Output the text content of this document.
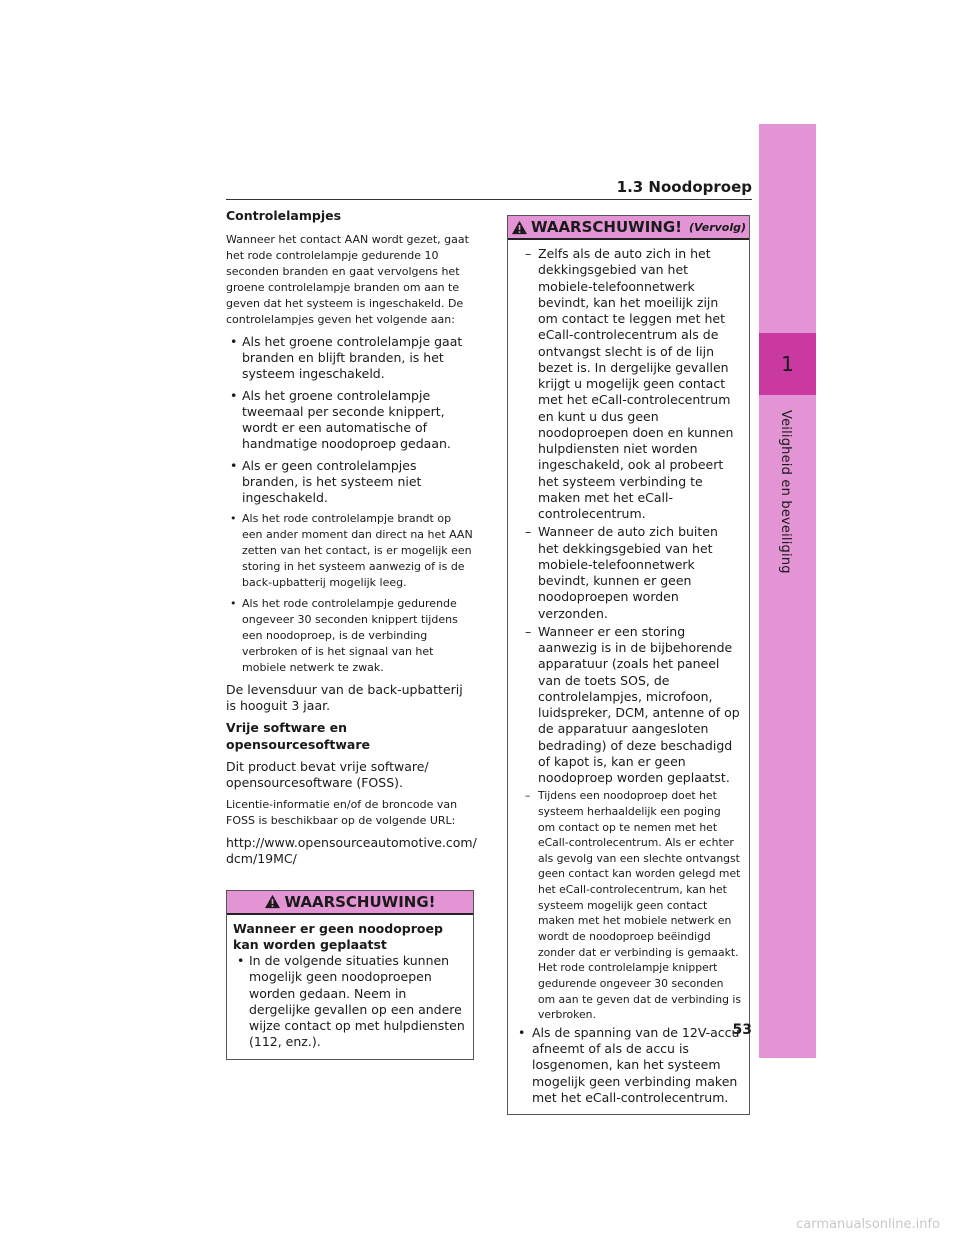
1
Veiligheid en beveiliging
1.3 Noodoproep
Controlelampjes

Wanneer het contact AAN wordt gezet, gaat het rode controlelampje gedurende 10 seconden branden en gaat vervolgens het groene controlelampje branden om aan te geven dat het systeem is ingeschakeld. De controlelampjes geven het volgende aan:

• Als het groene controlelampje gaat branden en blijft branden, is het systeem ingeschakeld.
• Als het groene controlelampje tweemaal per seconde knippert, wordt er een automatische of handmatige noodoproep gedaan.
• Als er geen controlelampjes branden, is het systeem niet ingeschakeld.
• Als het rode controlelampje brandt op een ander moment dan direct na het AAN zetten van het contact, is er mogelijk een storing in het systeem aanwezig of is de back-upbatterij mogelijk leeg.
• Als het rode controlelampje gedurende ongeveer 30 seconden knippert tijdens een noodoproep, is de verbinding verbroken of is het signaal van het mobiele netwerk te zwak.

De levensduur van de back-upbatterij is hooguit 3 jaar.

Vrije software en opensourcesoftware

Dit product bevat vrije software/ opensourcesoftware (FOSS).

Licentie-informatie en/of de broncode van FOSS is beschikbaar op de volgende URL:

http://www.opensourceautomotive.com/ dcm/19MC/

WAARSCHUWING!
Wanneer er geen noodoproep kan worden geplaatst
• In de volgende situaties kunnen mogelijk geen noodoproepen worden gedaan. Neem in dergelijke gevallen op een andere wijze contact op met hulpdiensten (112, enz.).
WAARSCHUWING! (Vervolg)
– Zelfs als de auto zich in het dekkingsgebied van het mobiele-telefoonnetwerk bevindt, kan het moeilijk zijn om contact te leggen met het eCall-controlecentrum als de ontvangst slecht is of de lijn bezet is. In dergelijke gevallen krijgt u mogelijk geen contact met het eCall-controlecentrum en kunt u dus geen noodoproepen doen en kunnen hulpdiensten niet worden ingeschakeld, ook al probeert het systeem verbinding te maken met het eCall-controlecentrum.
– Wanneer de auto zich buiten het dekkingsgebied van het mobiele-telefoonnetwerk bevindt, kunnen er geen noodoproepen worden verzonden.
– Wanneer er een storing aanwezig is in de bijbehorende apparatuur (zoals het paneel van de toets SOS, de controlelampjes, microfoon, luidspreker, DCM, antenne of op de apparatuur aangesloten bedrading) of deze beschadigd of kapot is, kan er geen noodoproep worden geplaatst.
– Tijdens een noodoproep doet het systeem herhaaldelijk een poging om contact op te nemen met het eCall-controlecentrum. Als er echter als gevolg van een slechte ontvangst geen contact kan worden gelegd met het eCall-controlecentrum, kan het systeem mogelijk geen contact maken met het mobiele netwerk en wordt de noodoproep beëindigd zonder dat er verbinding is gemaakt. Het rode controlelampje knippert gedurende ongeveer 30 seconden om aan te geven dat de verbinding is verbroken.
• Als de spanning van de 12V-accu afneemt of als de accu is losgenomen, kan het systeem mogelijk geen verbinding maken met het eCall-controlecentrum.
53
carmanualsonline.info
